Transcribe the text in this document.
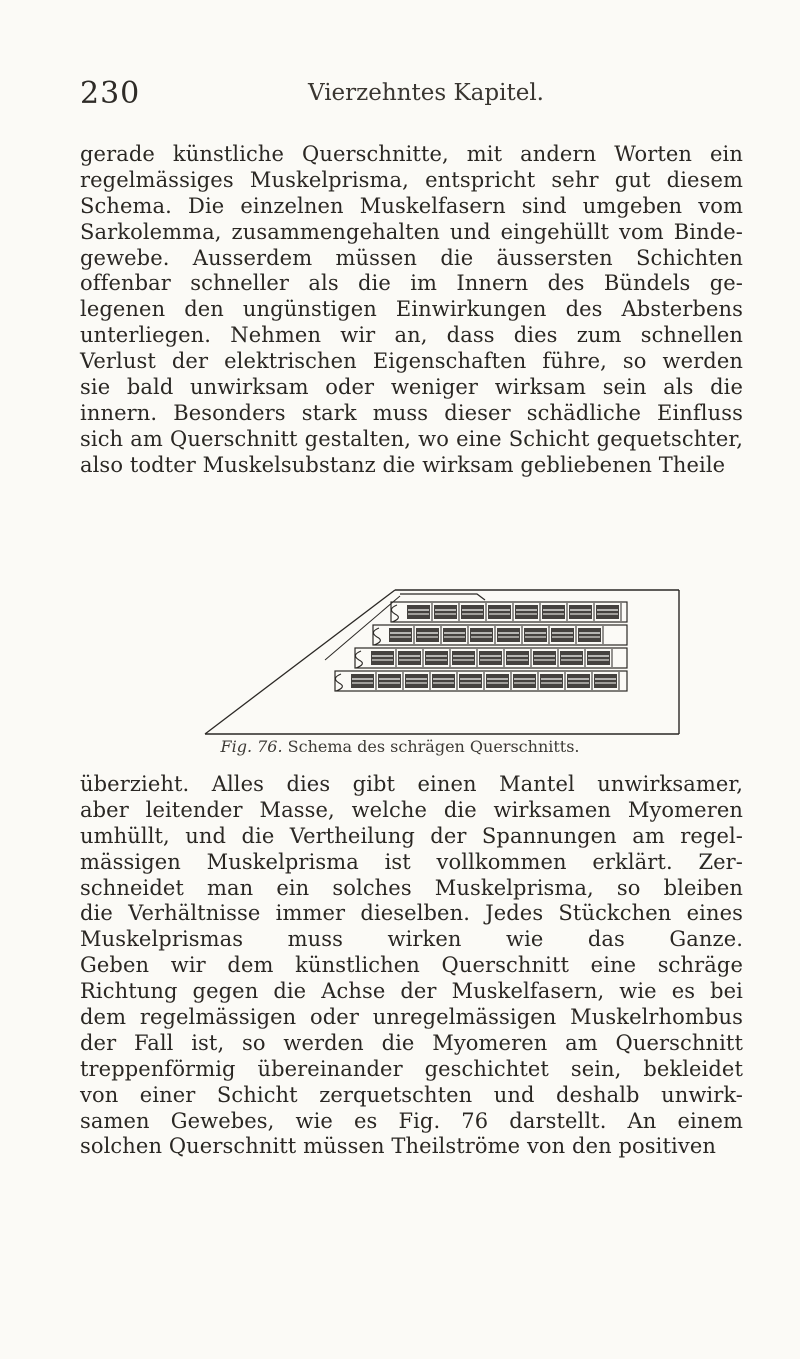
230	Vierzehntes Kapitel.

gerade künstliche Querschnitte, mit andern Worten ein
regelmässiges Muskelprisma, entspricht sehr gut diesem
Schema. Die einzelnen Muskelfasern sind umgeben vom
Sarkolemma, zusammengehalten und eingehüllt vom Binde-
gewebe. Ausserdem müssen die äussersten Schichten
offenbar schneller als die im Innern des Bündels ge-
legenen den ungünstigen Einwirkungen des Absterbens
unterliegen. Nehmen wir an, dass dies zum schnellen
Verlust der elektrischen Eigenschaften führe, so werden
sie bald unwirksam oder weniger wirksam sein als die
innern. Besonders stark muss dieser schädliche Einfluss
sich am Querschnitt gestalten, wo eine Schicht gequetschter,
also todter Muskelsubstanz die wirksam gebliebenen Theile

Fig. 76. Schema des schrägen Querschnitts.

überzieht. Alles dies gibt einen Mantel unwirksamer,
aber leitender Masse, welche die wirksamen Myomeren
umhüllt, und die Vertheilung der Spannungen am regel-
mässigen Muskelprisma ist vollkommen erklärt. Zer-
schneidet man ein solches Muskelprisma, so bleiben
die Verhältnisse immer dieselben. Jedes Stückchen eines
Muskelprismas muss wirken wie das Ganze.
Geben wir dem künstlichen Querschnitt eine schräge
Richtung gegen die Achse der Muskelfasern, wie es bei
dem regelmässigen oder unregelmässigen Muskelrhombus
der Fall ist, so werden die Myomeren am Querschnitt
treppenförmig übereinander geschichtet sein, bekleidet
von einer Schicht zerquetschten und deshalb unwirk-
samen Gewebes, wie es Fig. 76 darstellt. An einem
solchen Querschnitt müssen Theilströme von den positiven
